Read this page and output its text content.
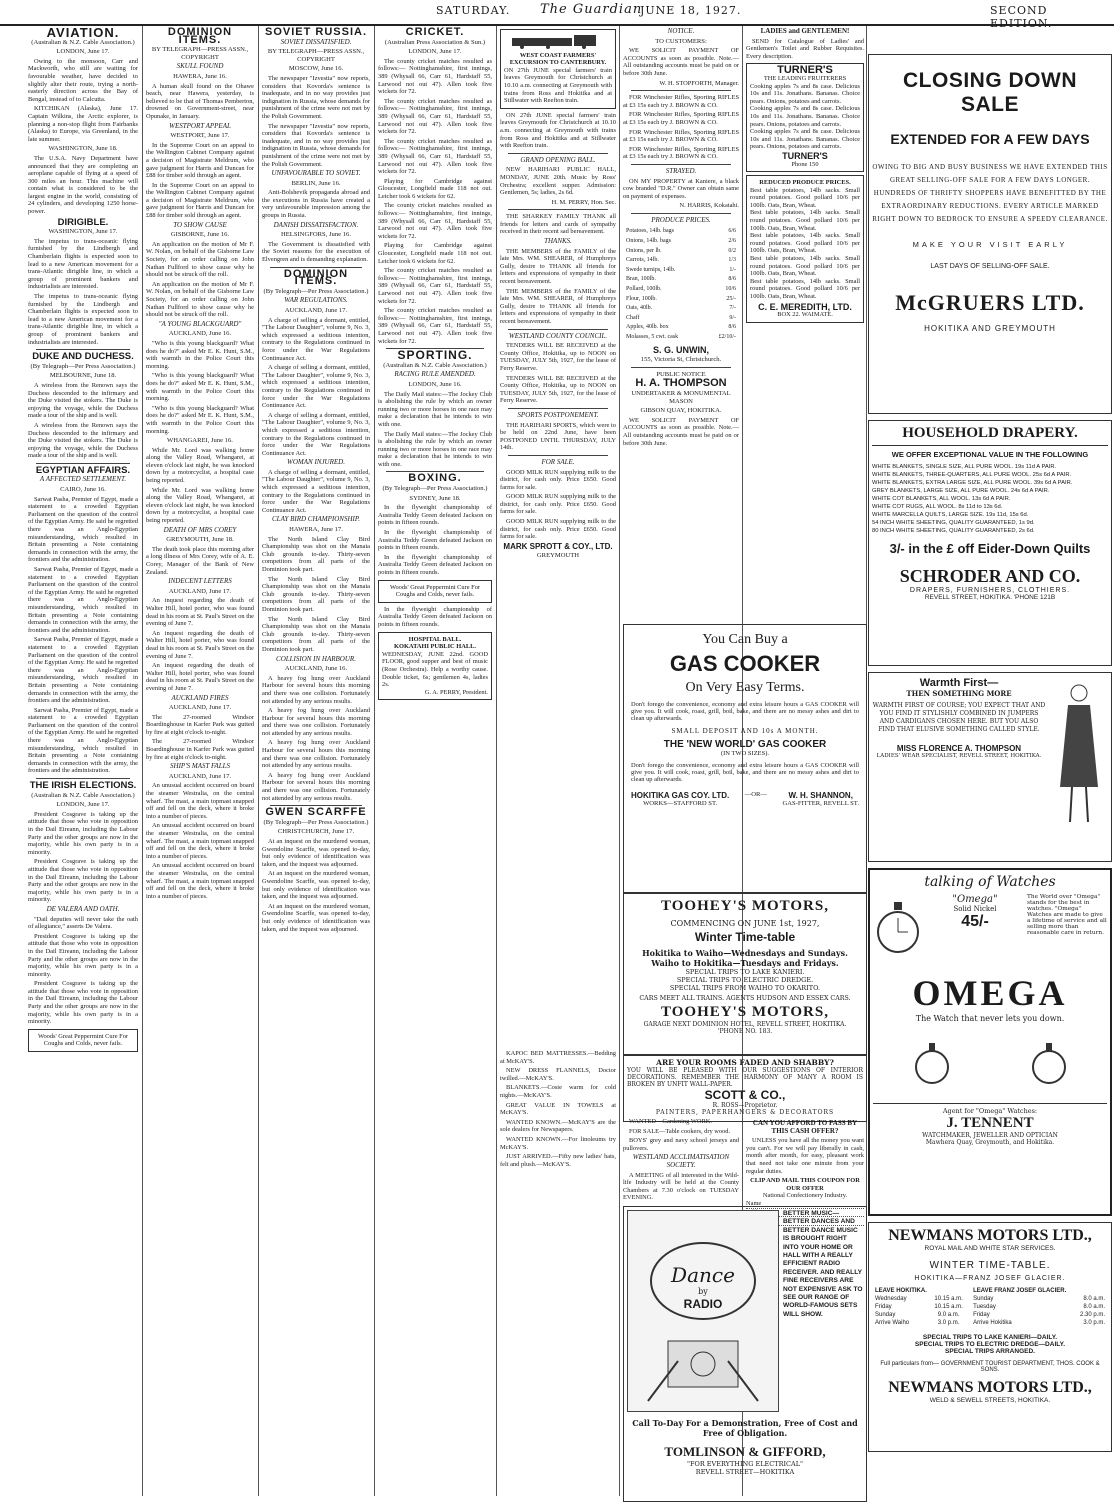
SATURDAY. The Guardian
JUNE 18, 1927.	SECOND EDITION.
AVIATION.
(Australian & N.Z. Cable Association.)
LONDON, June 17.

Owing to the monsoon, Carr and Mackworth, who still are waiting for favourable weather, have decided to slightly alter their route, trying a north-easterly direction across the Bay of Bengal, instead of to Calcutta.

KITCHIKAN (Alaska), June 17. Captain Wilkins, the Arctic explorer, is planning a non-stop flight from Fairbanks (Alaska) to Europe, via Greenland, in the late summer.

WASHINGTON, June 18.

The U.S.A. Navy Department have announced that they are completing an aeroplane capable of flying at a speed of 300 miles an hour. This machine will contain what is considered to be the largest engine in the world, consisting of 24 cylinders, and developing 1250 horse-power.

DIRIGIBLE.
WASHINGTON, June 17.

The impetus to trans-oceanic flying furnished by the Lindbergh and Chamberlain flights is expected soon to lead to a new American movement for a trans-Atlantic dirigible line, in which a group of prominent bankers and industrialists are interested.

The impetus to trans-oceanic flying furnished by the Lindbergh and Chamberlain flights is expected soon to lead to a new American movement for a trans-Atlantic dirigible line, in which a group of prominent bankers and industrialists are interested.

DUKE AND DUCHESS.
(By Telegraph—Per Press Association.)
MELBOURNE, June 18.

A wireless from the Renown says the Duchess descended to the infirmary and the Duke visited the stokers. The Duke is enjoying the voyage, while the Duchess made a tour of the ship and is well.

A wireless from the Renown says the Duchess descended to the infirmary and the Duke visited the stokers. The Duke is enjoying the voyage, while the Duchess made a tour of the ship and is well.

EGYPTIAN AFFAIRS.
A AFFECTED SETTLEMENT.
CAIRO, June 16.

Sarwat Pasha, Premier of Egypt, made a statement to a crowded Egyptian Parliament on the question of the control of the Egyptian Army. He said he regretted there was an Anglo-Egyptian misunderstanding, which resulted in Britain presenting a Note containing demands in connection with the army, the frontiers and the administration.

Sarwat Pasha, Premier of Egypt, made a statement to a crowded Egyptian Parliament on the question of the control of the Egyptian Army. He said he regretted there was an Anglo-Egyptian misunderstanding, which resulted in Britain presenting a Note containing demands in connection with the army, the frontiers and the administration.

Sarwat Pasha, Premier of Egypt, made a statement to a crowded Egyptian Parliament on the question of the control of the Egyptian Army. He said he regretted there was an Anglo-Egyptian misunderstanding, which resulted in Britain presenting a Note containing demands in connection with the army, the frontiers and the administration.

Sarwat Pasha, Premier of Egypt, made a statement to a crowded Egyptian Parliament on the question of the control of the Egyptian Army. He said he regretted there was an Anglo-Egyptian misunderstanding, which resulted in Britain presenting a Note containing demands in connection with the army, the frontiers and the administration.

THE IRISH ELECTIONS.
(Australian & N.Z. Cable Association.)
LONDON, June 17.

President Cosgrave is taking up the attitude that those who vote in opposition in the Dail Eireann, including the Labour Party and the other groups are now in the majority, while his own party is in a minority.

President Cosgrave is taking up the attitude that those who vote in opposition in the Dail Eireann, including the Labour Party and the other groups are now in the majority, while his own party is in a minority.

DE VALERA AND OATH.

"Dail deputies will never take the oath of allegiance," asserts De Valera.

President Cosgrave is taking up the attitude that those who vote in opposition in the Dail Eireann, including the Labour Party and the other groups are now in the majority, while his own party is in a minority.

President Cosgrave is taking up the attitude that those who vote in opposition in the Dail Eireann, including the Labour Party and the other groups are now in the majority, while his own party is in a minority.

Woods' Great Peppermint Cure For Coughs and Colds, never fails.
DOMINION ITEMS.
BY TELEGRAPH—PRESS ASSN., COPYRIGHT
SKULL FOUND
HAWERA, June 16.

A human skull found on the Ohawe beach, near Hawera, yesterday, is believed to be that of Thomas Pemberton, drowned on Government-street, near Opunake, in January.

WESTPORT APPEAL
WESTPORT, June 17.

In the Supreme Court on an appeal to the Wellington Cabinet Company against a decision of Magistrate Meldrum, who gave judgment for Harris and Duncan for £88 for timber sold through an agent.

In the Supreme Court on an appeal to the Wellington Cabinet Company against a decision of Magistrate Meldrum, who gave judgment for Harris and Duncan for £88 for timber sold through an agent.

TO SHOW CAUSE
GISBORNE, June 16.

An application on the motion of Mr F. W. Nolan, on behalf of the Gisborne Law Society, for an order calling on John Nathan Fullford to show cause why he should not be struck off the roll.

An application on the motion of Mr F. W. Nolan, on behalf of the Gisborne Law Society, for an order calling on John Nathan Fullford to show cause why he should not be struck off the roll.

"A YOUNG BLACKGUARD"
AUCKLAND, June 16.

"Who is this young blackguard? What does he do?" asked Mr E. K. Hunt, S.M., with warmth in the Police Court this morning.

"Who is this young blackguard? What does he do?" asked Mr E. K. Hunt, S.M., with warmth in the Police Court this morning.

"Who is this young blackguard? What does he do?" asked Mr E. K. Hunt, S.M., with warmth in the Police Court this morning.

WHANGAREI, June 16.

While Mr. Lord was walking home along the Valley Road, Whangarei, at eleven o'clock last night, he was knocked down by a motorcyclist, a hospital case being reported.

While Mr. Lord was walking home along the Valley Road, Whangarei, at eleven o'clock last night, he was knocked down by a motorcyclist, a hospital case being reported.

DEATH OF MRS COREY
GREYMOUTH, June 18.

The death took place this morning after a long illness of Mrs Corey, wife of A. E. Corey, Manager of the Bank of New Zealand.

INDECENT LETTERS
AUCKLAND, June 17.

An inquest regarding the death of Walter Hill, hotel porter, who was found dead in his room at St. Paul's Street on the evening of June 7.

An inquest regarding the death of Walter Hill, hotel porter, who was found dead in his room at St. Paul's Street on the evening of June 7.

An inquest regarding the death of Walter Hill, hotel porter, who was found dead in his room at St. Paul's Street on the evening of June 7.

AUCKLAND FIRES
AUCKLAND, June 17.

The 27-roomed Windsor Boardinghouse in Karfer Park was gutted by fire at eight o'clock to-night.

The 27-roomed Windsor Boardinghouse in Karfer Park was gutted by fire at eight o'clock to-night.

SHIP'S MAST FALLS
AUCKLAND, June 17.

An unusual accident occurred on board the steamer Westralia, on the central wharf. The mast, a main topmast snapped off and fell on the deck, where it broke into a number of pieces.

An unusual accident occurred on board the steamer Westralia, on the central wharf. The mast, a main topmast snapped off and fell on the deck, where it broke into a number of pieces.

An unusual accident occurred on board the steamer Westralia, on the central wharf. The mast, a main topmast snapped off and fell on the deck, where it broke into a number of pieces.

SOVIET RUSSIA.
SOVIET DISSATISFIED.
BY TELEGRAPH—PRESS ASSN., COPYRIGHT
MOSCOW, June 16.

The newspaper "Izvestia" now reports, considers that Kovorda's sentence is inadequate, and in no way provides just indignation in Russia, whose demands for punishment of the crime were not met by the Polish Government.

The newspaper "Izvestia" now reports, considers that Kovorda's sentence is inadequate, and in no way provides just indignation in Russia, whose demands for punishment of the crime were not met by the Polish Government.

UNFAVOURABLE TO SOVIET.
BERLIN, June 16.

Anti-Bolshevik propaganda abroad and the executions in Russia have created a very unfavourable impression among the groups in Russia.

DANISH DISSATISFACTION.
HELSINGFORS, June 16.

The Government is dissatisfied with the Soviet reasons for the execution of Elvengren and is demanding explanation.

DOMINION ITEMS.
(By Telegraph—Per Press Association.)
WAR REGULATIONS.
AUCKLAND, June 17.

A charge of selling a dormant, entitled, "The Labour Daughter", volume 9, No. 3, which expressed a seditious intention, contrary to the Regulations continued in force under the War Regulations Continuance Act.

A charge of selling a dormant, entitled, "The Labour Daughter", volume 9, No. 3, which expressed a seditious intention, contrary to the Regulations continued in force under the War Regulations Continuance Act.

A charge of selling a dormant, entitled, "The Labour Daughter", volume 9, No. 3, which expressed a seditious intention, contrary to the Regulations continued in force under the War Regulations Continuance Act.

WOMAN INJURED.

A charge of selling a dormant, entitled, "The Labour Daughter", volume 9, No. 3, which expressed a seditious intention, contrary to the Regulations continued in force under the War Regulations Continuance Act.

CLAY BIRD CHAMPIONSHIP.
HAWERA, June 17.

The North Island Clay Bird Championship was shot on the Manaia Club grounds to-day. Thirty-seven competitors from all parts of the Dominion took part.

The North Island Clay Bird Championship was shot on the Manaia Club grounds to-day. Thirty-seven competitors from all parts of the Dominion took part.

The North Island Clay Bird Championship was shot on the Manaia Club grounds to-day. Thirty-seven competitors from all parts of the Dominion took part.

COLLISION IN HARBOUR.
AUCKLAND, June 16.

A heavy fog hung over Auckland Harbour for several hours this morning and there was one collision. Fortunately not attended by any serious results.

A heavy fog hung over Auckland Harbour for several hours this morning and there was one collision. Fortunately not attended by any serious results.

A heavy fog hung over Auckland Harbour for several hours this morning and there was one collision. Fortunately not attended by any serious results.

A heavy fog hung over Auckland Harbour for several hours this morning and there was one collision. Fortunately not attended by any serious results.

GWEN SCARFFE
(By Telegraph—Per Press Association.)
CHRISTCHURCH, June 17.

At an inquest on the murdered woman, Gwendoline Scarffe, was opened to-day, but only evidence of identification was taken, and the inquest was adjourned.

At an inquest on the murdered woman, Gwendoline Scarffe, was opened to-day, but only evidence of identification was taken, and the inquest was adjourned.

At an inquest on the murdered woman, Gwendoline Scarffe, was opened to-day, but only evidence of identification was taken, and the inquest was adjourned.

CRICKET.
(Australian Press Association & Sun.)
LONDON, June 17.

The county cricket matches resulted as follows:— Nottinghamshire, first innings, 389 (Whysall 66, Carr 61, Hardstaff 55, Larwood not out 47). Allen took five wickets for 72.

The county cricket matches resulted as follows:— Nottinghamshire, first innings, 389 (Whysall 66, Carr 61, Hardstaff 55, Larwood not out 47). Allen took five wickets for 72.

The county cricket matches resulted as follows:— Nottinghamshire, first innings, 389 (Whysall 66, Carr 61, Hardstaff 55, Larwood not out 47). Allen took five wickets for 72.

Playing for Cambridge against Gloucester, Longfield made 118 not out. Letcher took 6 wickets for 62.

The county cricket matches resulted as follows:— Nottinghamshire, first innings, 389 (Whysall 66, Carr 61, Hardstaff 55, Larwood not out 47). Allen took five wickets for 72.

Playing for Cambridge against Gloucester, Longfield made 118 not out. Letcher took 6 wickets for 62.

The county cricket matches resulted as follows:— Nottinghamshire, first innings, 389 (Whysall 66, Carr 61, Hardstaff 55, Larwood not out 47). Allen took five wickets for 72.

The county cricket matches resulted as follows:— Nottinghamshire, first innings, 389 (Whysall 66, Carr 61, Hardstaff 55, Larwood not out 47). Allen took five wickets for 72.

SPORTING.
(Australian & N.Z. Cable Association.)
RACING RULE AMENDED.
LONDON, June 16.

The Daily Mail states:—The Jockey Club is abolishing the rule by which an owner running two or more horses in one race may make a declaration that he intends to win with one.

The Daily Mail states:—The Jockey Club is abolishing the rule by which an owner running two or more horses in one race may make a declaration that he intends to win with one.

BOXING.
(By Telegraph—Per Press Association.)
SYDNEY, June 18.

In the flyweight championship of Australia Teddy Green defeated Jackson on points in fifteen rounds.

In the flyweight championship of Australia Teddy Green defeated Jackson on points in fifteen rounds.

In the flyweight championship of Australia Teddy Green defeated Jackson on points in fifteen rounds.

Woods' Great Peppermint Cure For Coughs and Colds, never fails.

In the flyweight championship of Australia Teddy Green defeated Jackson on points in fifteen rounds.

HOSPITAL BALL.
KOKATAHI PUBLIC HALL.
WEDNESDAY, JUNE 22nd. GOOD FLOOR, good supper and best of music (Rose Orchestra). Help a worthy cause. Double ticket, 6s; gentlemen 4s, ladies 2s.
G. A. PERRY, President.
WEST COAST FARMERS' EXCURSION TO CANTERBURY.
ON 27th JUNE special farmers' train leaves Greymouth for Christchurch at 10.10 a.m. connecting at Greymouth with trains from Ross and Hokitika and at Stillwater with Reefton train.

ON 27th JUNE special farmers' train leaves Greymouth for Christchurch at 10.10 a.m. connecting at Greymouth with trains from Ross and Hokitika and at Stillwater with Reefton train.

GRAND OPENING BALL.

NEW HARIHARI PUBLIC HALL, MONDAY, JUNE 20th. Music by Ross' Orchestra; excellent supper. Admission: Gentlemen, 5s; ladies, 2s 6d.

H. M. PERRY, Hon. Sec.

THE SHARKEY FAMILY THANK all friends for letters and cards of sympathy received in their recent sad bereavement.

THANKS.

THE MEMBERS of the FAMILY of the late Mrs. WM. SHEARER, of Humphreys Gully, desire to THANK all friends for letters and expressions of sympathy in their recent bereavement.

THE MEMBERS of the FAMILY of the late Mrs. WM. SHEARER, of Humphreys Gully, desire to THANK all friends for letters and expressions of sympathy in their recent bereavement.

WESTLAND COUNTY COUNCIL.

TENDERS WILL BE RECEIVED at the County Office, Hokitika, up to NOON on TUESDAY, JULY 5th, 1927, for the lease of Ferry Reserve.

TENDERS WILL BE RECEIVED at the County Office, Hokitika, up to NOON on TUESDAY, JULY 5th, 1927, for the lease of Ferry Reserve.

SPORTS POSTPONEMENT.

THE HARIHARI SPORTS, which were to be held on 22nd June, have been POSTPONED UNTIL THURSDAY, JULY 14th.

FOR SALE.

GOOD MILK RUN supplying milk to the district, for cash only. Price £650. Good farms for sale.

GOOD MILK RUN supplying milk to the district, for cash only. Price £650. Good farms for sale.

GOOD MILK RUN supplying milk to the district, for cash only. Price £650. Good farms for sale.

MARK SPROTT & COY., LTD.
GREYMOUTH
NOTICE.
TO CUSTOMERS:

WE SOLICIT PAYMENT OF ACCOUNTS as soon as possible. Note.—All outstanding accounts must be paid on or before 30th June.

W. H. STOPFORTH, Manager.

FOR Winchester Rifles, Sporting RIFLES at £3 15s each try J. BROWN & CO.

FOR Winchester Rifles, Sporting RIFLES at £3 15s each try J. BROWN & CO.

FOR Winchester Rifles, Sporting RIFLES at £3 15s each try J. BROWN & CO.

FOR Winchester Rifles, Sporting RIFLES at £3 15s each try J. BROWN & CO.

STRAYED.

ON MY PROPERTY at Kaniere, a black cow branded "D.R." Owner can obtain same on payment of expenses.

N. HARRIS, Kokatahi.
PRODUCE PRICES.
Potatoes, 14lb. bags	6/6
Onions, 14lb. bags	2/6
Onions, per lb.	0/2
Carrots, 14lb.	1/3
Swede turnips, 14lb.	1/-
Bran, 100lb.	8/6
Pollard, 100lb.	10/6
Flour, 100lb.	25/-
Oats, 40lb.	7/-
Chaff	9/-
Apples, 40lb. box	8/6
Molasses, 5 cwt. cask	£2/10/-
S. G. UNWIN,
155, Victoria St, Christchurch.
PUBLIC NOTICE
H. A. THOMPSON
UNDERTAKER & MONUMENTAL MASON
GIBSON QUAY, HOKITIKA.

WE SOLICIT PAYMENT OF ACCOUNTS as soon as possible. Note.—All outstanding accounts must be paid on or before 30th June.

LADIES and GENTLEMEN!

SEND for Catalogue of Ladies' and Gentlemen's Toilet and Rubber Requisites. Every description.

TURNER'S
THE LEADING FRUITERERS
Cooking apples 7s and 8s case. Delicious 10s and 11s. Jonathans. Bananas. Choice pears. Onions, potatoes and carrots.
Cooking apples 7s and 8s case. Delicious 10s and 11s. Jonathans. Bananas. Choice pears. Onions, potatoes and carrots.
Cooking apples 7s and 8s case. Delicious 10s and 11s. Jonathans. Bananas. Choice pears. Onions, potatoes and carrots.
TURNER'S
Phone 150
REDUCED PRODUCE PRICES.
Best table potatoes, 14lb sacks. Small round potatoes. Good pollard 10/6 per 100lb. Oats, Bran, Wheat.
Best table potatoes, 14lb sacks. Small round potatoes. Good pollard 10/6 per 100lb. Oats, Bran, Wheat.
Best table potatoes, 14lb sacks. Small round potatoes. Good pollard 10/6 per 100lb. Oats, Bran, Wheat.
Best table potatoes, 14lb sacks. Small round potatoes. Good pollard 10/6 per 100lb. Oats, Bran, Wheat.
Best table potatoes, 14lb sacks. Small round potatoes. Good pollard 10/6 per 100lb. Oats, Bran, Wheat.
C. E. MEREDITH, LTD.
BOX 22. WAIMATE.
You Can Buy a
GAS COOKER
On Very Easy Terms.
Don't forego the convenience, economy and extra leisure hours a GAS COOKER will give you. It will cook, roast, grill, boil, bake, and there are no messy ashes and dirt to clean up afterwards.
SMALL DEPOSIT AND 10s A MONTH.
THE 'NEW WORLD' GAS COOKER
(IN TWO SIZES).
Don't forego the convenience, economy and extra leisure hours a GAS COOKER will give you. It will cook, roast, grill, boil, bake, and there are no messy ashes and dirt to clean up afterwards.
HOKITIKA GAS COY. LTD.
WORKS—STAFFORD ST.
—OR—	W. H. SHANNON,
GAS-FITTER, REVELL ST.
TOOHEY'S MOTORS,
COMMENCING ON JUNE 1st, 1927,
Winter Time-table
Hokitika to Waiho—Wednesdays and Sundays.
Waiho to Hokitika—Tuesdays and Fridays.
SPECIAL TRIPS TO LAKE KANIERI.
SPECIAL TRIPS TO ELECTRIC DREDGE.
SPECIAL TRIPS FROM WAIHO TO OKARITO.
CARS MEET ALL TRAINS. AGENTS HUDSON AND ESSEX CARS.
TOOHEY'S MOTORS,
GARAGE NEXT DOMINION HOTEL, REVELL STREET, HOKITIKA.
'PHONE NO. 183.
ARE YOUR ROOMS FADED AND SHABBY?
YOU WILL BE PLEASED WITH OUR SUGGESTIONS OF INTERIOR DECORATIONS. REMEMBER THE HARMONY OF MANY A ROOM IS BROKEN BY UNFIT WALL-PAPER.
SCOTT & CO.,
R. ROSS—Proprietor.
PAINTERS, PAPERHANGERS & DECORATORS

WANTED—Gardening WORK.

FOR SALE—Table cookers, dry wood.

BOYS' grey and navy school jerseys and pullovers.

WESTLAND ACCLIMATISATION SOCIETY.

A MEETING of all interested in the Wild-life Industry will be held at the County Chambers at 7.30 o'clock on TUESDAY EVENING.

CAN YOU AFFORD TO PASS BY THIS CASH OFFER?

UNLESS you have all the money you want you can't. For we will pay liberally in cash, month after month, for easy, pleasant work that need not take one minute from your regular duties.

CLIP AND MAIL THIS COUPON FOR OUR OFFER
National Confectionery Industry.
Name

KAPOC BED MATTRESSES.—Bedding at McKAY'S.

NEW DRESS FLANNELS, Doctor twilled.—McKAY'S.

BLANKETS.—Cosie warm for cold nights.—McKAY'S.

GREAT VALUE IN TOWELS at McKAY'S.

WANTED KNOWN.—McKAY'S are the sole dealers for Newspapers.

WANTED KNOWN.—For linoleums try McKAY'S.

JUST ARRIVED.—Fifty new ladies' hats, felt and plush.—McKAY'S.

Dance
by
RADIO
BETTER MUSIC—BETTER DANCES AND BETTER DANCE MUSIC IS BROUGHT RIGHT INTO YOUR HOME OR HALL WITH A REALLY EFFICIENT RADIO RECEIVER. AND REALLY FINE RECEIVERS ARE NOT EXPENSIVE ASK TO SEE OUR RANGE OF WORLD-FAMOUS SETS WILL SHOW.
Call To-Day For a Demonstration, Free of Cost and Free of Obligation.
TOMLINSON & GIFFORD,
"FOR EVERYTHING ELECTRICAL"
REVELL STREET—HOKITIKA
CLOSING DOWN SALE
EXTENDED FOR A FEW DAYS
OWING TO BIG AND BUSY BUSINESS WE HAVE EXTENDED THIS GREAT SELLING-OFF SALE FOR A FEW DAYS LONGER. HUNDREDS OF THRIFTY SHOPPERS HAVE BENEFITTED BY THE EXTRAORDINARY REDUCTIONS. EVERY ARTICLE MARKED RIGHT DOWN TO BEDROCK TO ENSURE A SPEEDY CLEARANCE.
MAKE YOUR VISIT EARLY
LAST DAYS OF SELLING-OFF SALE.
McGRUERS LTD.
HOKITIKA AND GREYMOUTH
HOUSEHOLD DRAPERY.
WE OFFER EXCEPTIONAL VALUE IN THE FOLLOWING
WHITE BLANKETS, SINGLE SIZE, ALL PURE WOOL. 19s 11d A PAIR.
WHITE BLANKETS, THREE-QUARTERS, ALL PURE WOOL. 25s 6d A PAIR.
WHITE BLANKETS, EXTRA LARGE SIZE, ALL PURE WOOL. 39s 6d A PAIR.
GREY BLANKETS, LARGE SIZE, ALL PURE WOOL. 24s 6d A PAIR.
WHITE COT BLANKETS, ALL WOOL. 13s 6d A PAIR.
WHITE COT RUGS, ALL WOOL. 8s 11d to 13s 6d.
WHITE MARCELLA QUILTS, LARGE SIZE. 19s 11d, 15s 6d.
54 INCH WHITE SHEETING, QUALITY GUARANTEED, 1s 9d.
80 INCH WHITE SHEETING, QUALITY GUARANTEED, 2s 6d.
3/- in the £ off Eider-Down Quilts
SCHRODER AND CO.
DRAPERS, FURNISHERS, CLOTHIERS.
REVELL STREET, HOKITIKA. 'PHONE 121B
Warmth First—
THEN SOMETHING MORE
WARMTH FIRST OF COURSE; YOU EXPECT THAT AND YOU FIND IT STYLISHLY COMBINED IN JUMPERS AND CARDIGANS CHOSEN HERE. BUT YOU ALSO FIND THAT ELUSIVE SOMETHING CALLED STYLE.
MISS FLORENCE A. THOMPSON
LADIES' WEAR SPECIALIST, REVELL STREET, HOKITIKA.
talking of Watches
"Omega"
Solid Nickel
45/-
The World over "Omega" stands for the best in watches. "Omega" Watches are made to give a lifetime of service and all selling more than reasonable care in return.
OMEGA
The Watch that never lets you down.
Agent for "Omega" Watches:
J. TENNENT
WATCHMAKER, JEWELLER AND OPTICIAN
Mawhera Quay, Greymouth, and Hokitika.
NEWMANS MOTORS LTD.,
ROYAL MAIL AND WHITE STAR SERVICES.
WINTER TIME-TABLE.
HOKITIKA—FRANZ JOSEF GLACIER.
LEAVE HOKITIKA.		LEAVE FRANZ JOSEF GLACIER.	
Wednesday	10.15 a.m.	Sunday	8.0 a.m.
Friday	10.15 a.m.	Tuesday	8.0 a.m.
Sunday	9.0 a.m.	Friday	2.30 p.m.
Arrive Waiho	3.0 p.m.	Arrive Hokitika	3.0 p.m.
SPECIAL TRIPS TO LAKE KANIERI—DAILY.
SPECIAL TRIPS TO ELECTRIC DREDGE—DAILY.
SPECIAL TRIPS ARRANGED.
Full particulars from— GOVERNMENT TOURIST DEPARTMENT, THOS. COOK & SONS.
NEWMANS MOTORS LTD.,
WELD & SEWELL STREETS, HOKITIKA.
